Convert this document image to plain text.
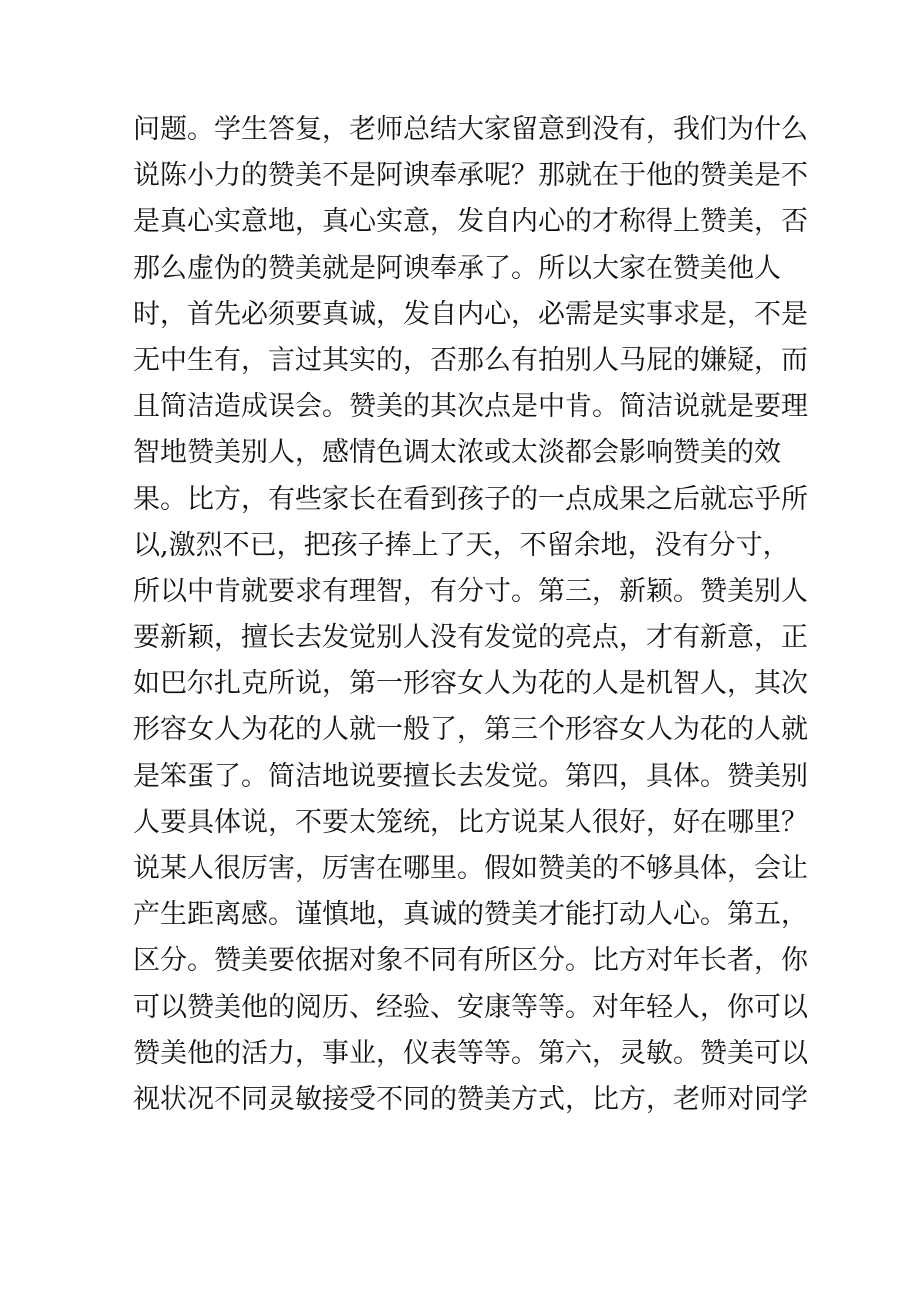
问题。学生答复，老师总结大家留意到没有，我们为什么
说陈小力的赞美不是阿谀奉承呢？那就在于他的赞美是不
是真心实意地，真心实意，发自内心的才称得上赞美，否
那么虚伪的赞美就是阿谀奉承了。所以大家在赞美他人
时，首先必须要真诚，发自内心，必需是实事求是，不是
无中生有，言过其实的，否那么有拍别人马屁的嫌疑，而
且简洁造成误会。赞美的其次点是中肯。简洁说就是要理
智地赞美别人，感情色调太浓或太淡都会影响赞美的效
果。比方，有些家长在看到孩子的一点成果之后就忘乎所
以,激烈不已，把孩子捧上了天，不留余地，没有分寸，
所以中肯就要求有理智，有分寸。第三，新颖。赞美别人
要新颖，擅长去发觉别人没有发觉的亮点，才有新意，正
如巴尔扎克所说，第一形容女人为花的人是机智人，其次
形容女人为花的人就一般了，第三个形容女人为花的人就
是笨蛋了。简洁地说要擅长去发觉。第四，具体。赞美别
人要具体说，不要太笼统，比方说某人很好，好在哪里？
说某人很厉害，厉害在哪里。假如赞美的不够具体，会让
产生距离感。谨慎地，真诚的赞美才能打动人心。第五，
区分。赞美要依据对象不同有所区分。比方对年长者，你
可以赞美他的阅历、经验、安康等等。对年轻人，你可以
赞美他的活力，事业，仪表等等。第六，灵敏。赞美可以
视状况不同灵敏接受不同的赞美方式，比方，老师对同学
